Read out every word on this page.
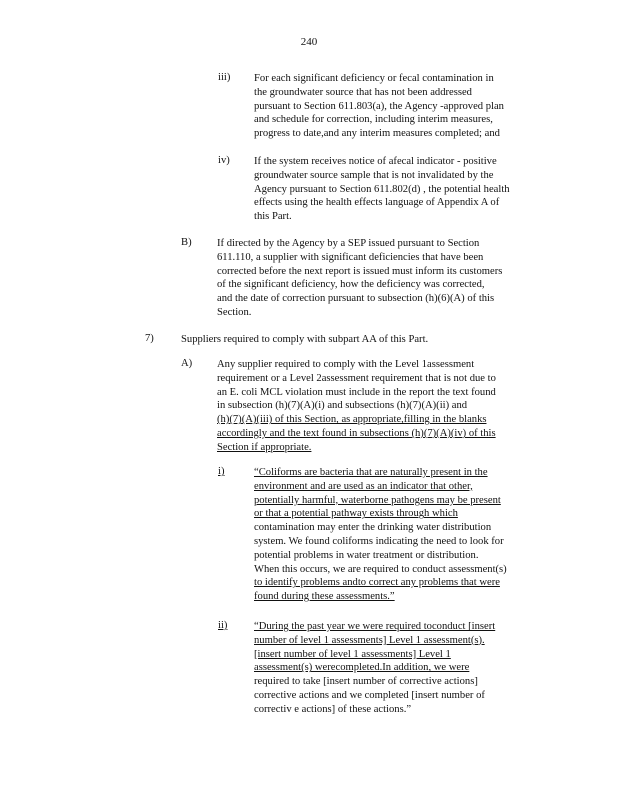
240
iii) For each significant deficiency or fecal contamination in
the groundwater source that has not been addressed
pursuant to Section 611.803(a), the Agency -approved plan
and schedule for correction, including interim measures,
progress to date,and any interim measures completed; and
iv) If the system receives notice of afecal indicator - positive
groundwater source sample that is not invalidated by the
Agency pursuant to Section 611.802(d) , the potential health
effects using the health effects language of Appendix A of
this Part.
B) If directed by the Agency by a SEP issued pursuant to Section
611.110, a supplier with significant deficiencies that have been
corrected before the next report is issued must inform its customers
of the significant deficiency, how the deficiency was corrected,
and the date of correction pursuant to subsection (h)(6)(A) of this
Section.
7)	Suppliers required to comply with subpart AA of this Part.
A) Any supplier required to comply with the Level 1assessment
requirement or a Level 2assessment requirement that is not due to
an E. coli MCL violation must include in the report the text found
in subsection (h)(7)(A)(i) and subsections (h)(7)(A)(ii) and
(h)(7)(A)(iii) of this Section, as appropriate,filling in the blanks
accordingly and the text found in subsections (h)(7)(A)(iv) of this
Section if appropriate.
i)	“Coliforms are bacteria that are naturally present in the
environment and are used as an indicator that other,
potentially harmful, waterborne pathogens may be present
or that a potential pathway exists through which
contamination may enter the drinking water distribution
system. We found coliforms indicating the need to look for
potential problems in water treatment or distribution.
When this occurs, we are required to conduct assessment(s)
to identify problems andto correct any problems that were
found during these assessments.”
ii)	“During the past year we were required toconduct [insert
number of level 1 assessments] Level 1 assessment(s).
[insert number of level 1 assessments] Level 1
assessment(s) werecompleted.In addition, we were
required to take [insert number of corrective actions]
corrective actions and we completed [insert number of
correctiv e actions] of these actions.”
